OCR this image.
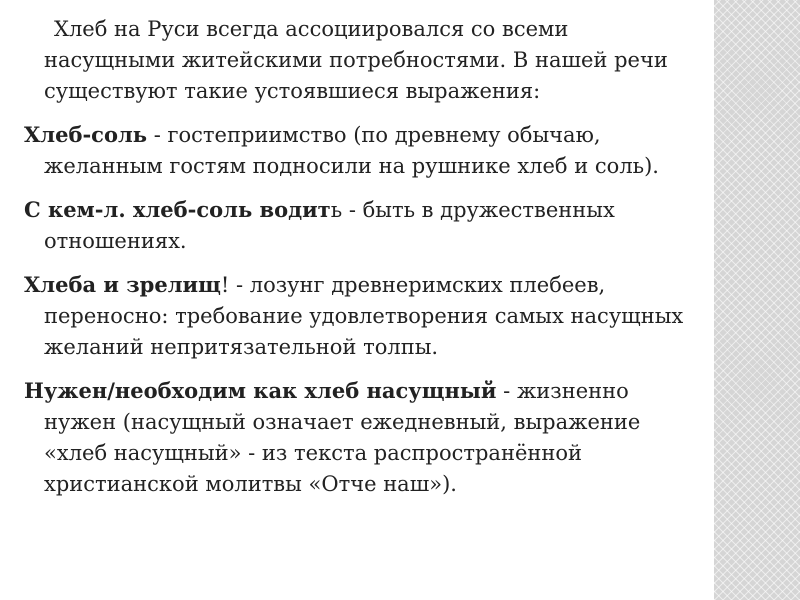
Хлеб на Руси всегда ассоциировался со всеми насущными житейскими потребностями. В нашей речи существуют такие устоявшиеся выражения:

Хлеб-соль - гостеприимство (по древнему обычаю, желанным гостям подносили на рушнике хлеб и соль).

С кем-л. хлеб-соль водить - быть в дружественных отношениях.

Хлеба и зрелищ! - лозунг древнеримских плебеев, переносно: требование удовлетворения самых насущных желаний непритязательной толпы.

Нужен/необходим как хлеб насущный - жизненно нужен (насущный означает ежедневный, выражение «хлеб насущный» - из текста распространённой христианской молитвы «Отче наш»).
